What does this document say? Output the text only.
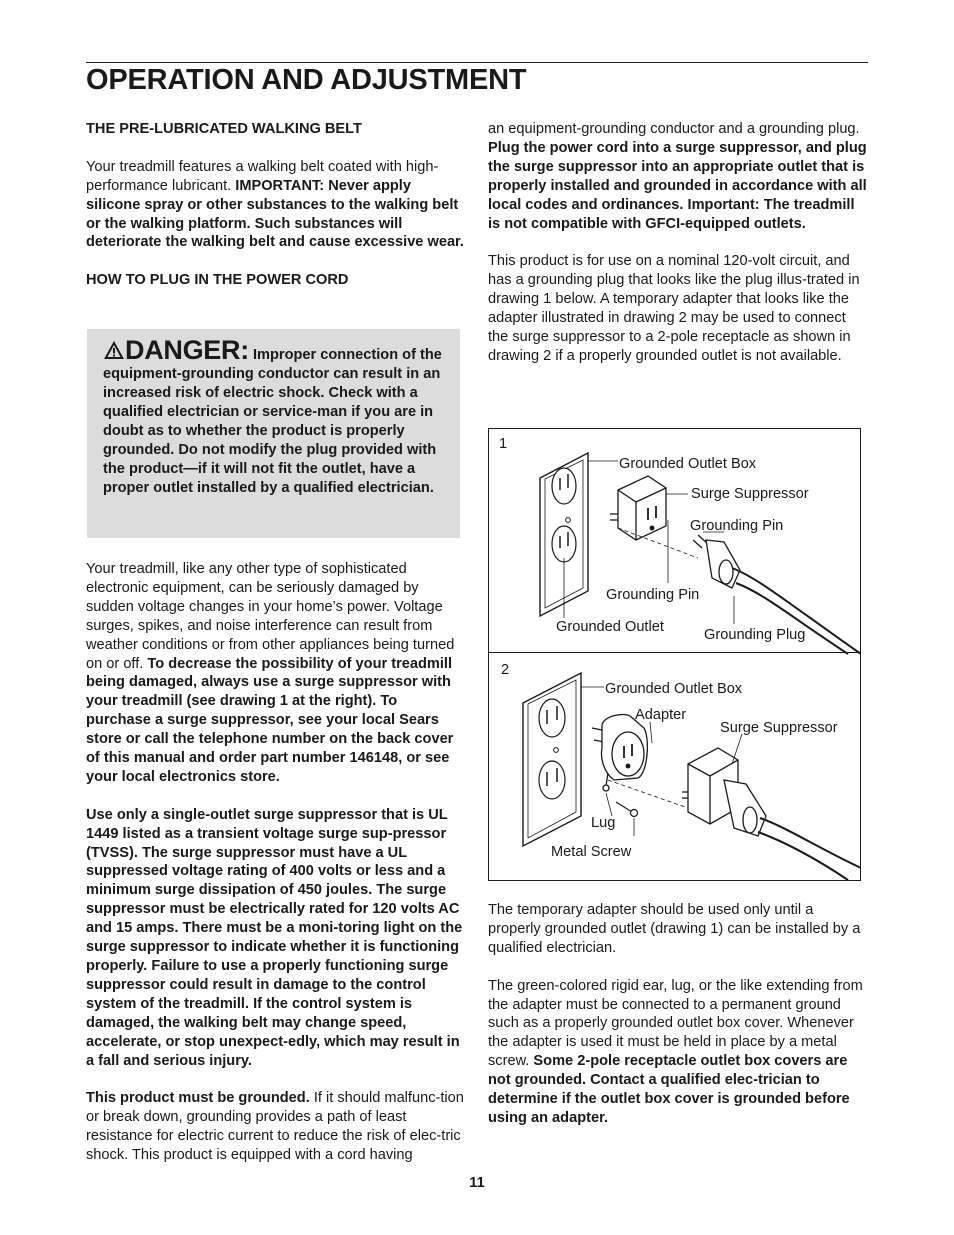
OPERATION AND ADJUSTMENT

THE PRE-LUBRICATED WALKING BELT

Your treadmill features a walking belt coated with high-performance lubricant. IMPORTANT: Never apply silicone spray or other substances to the walking belt or the walking platform. Such substances will deteriorate the walking belt and cause excessive wear.

HOW TO PLUG IN THE POWER CORD

DANGER: Improper connection of the equipment-grounding conductor can result in an increased risk of electric shock. Check with a qualified electrician or service-man if you are in doubt as to whether the product is properly grounded. Do not modify the plug provided with the product—if it will not fit the outlet, have a proper outlet installed by a qualified electrician.

Your treadmill, like any other type of sophisticated electronic equipment, can be seriously damaged by sudden voltage changes in your home’s power. Voltage surges, spikes, and noise interference can result from weather conditions or from other appliances being turned on or off. To decrease the possibility of your treadmill being damaged, always use a surge suppressor with your treadmill (see drawing 1 at the right). To purchase a surge suppressor, see your local Sears store or call the telephone number on the back cover of this manual and order part number 146148, or see your local electronics store.

Use only a single-outlet surge suppressor that is UL 1449 listed as a transient voltage surge sup-pressor (TVSS). The surge suppressor must have a UL suppressed voltage rating of 400 volts or less and a minimum surge dissipation of 450 joules. The surge suppressor must be electrically rated for 120 volts AC and 15 amps. There must be a moni-toring light on the surge suppressor to indicate whether it is functioning properly. Failure to use a properly functioning surge suppressor could result in damage to the control system of the treadmill. If the control system is damaged, the walking belt may change speed, accelerate, or stop unexpect-edly, which may result in a fall and serious injury.

This product must be grounded. If it should malfunc-tion or break down, grounding provides a path of least resistance for electric current to reduce the risk of elec-tric shock. This product is equipped with a cord having

an equipment-grounding conductor and a grounding plug. Plug the power cord into a surge suppressor, and plug the surge suppressor into an appropriate outlet that is properly installed and grounded in accordance with all local codes and ordinances. Important: The treadmill is not compatible with GFCI-equipped outlets.

This product is for use on a nominal 120-volt circuit, and has a grounding plug that looks like the plug illus-trated in drawing 1 below. A temporary adapter that looks like the adapter illustrated in drawing 2 may be used to connect the surge suppressor to a 2-pole receptacle as shown in drawing 2 if a properly grounded outlet is not available.

1
Grounded Outlet Box
Surge Suppressor
Grounding Pin
Grounding Pin
Grounded Outlet	Grounding Plug
2
Grounded Outlet Box
Adapter
Surge Suppressor
Lug
Metal Screw

The temporary adapter should be used only until a properly grounded outlet (drawing 1) can be installed by a qualified electrician.

The green-colored rigid ear, lug, or the like extending from the adapter must be connected to a permanent ground such as a properly grounded outlet box cover. Whenever the adapter is used it must be held in place by a metal screw. Some 2-pole receptacle outlet box covers are not grounded. Contact a qualified elec-trician to determine if the outlet box cover is grounded before using an adapter.

11
